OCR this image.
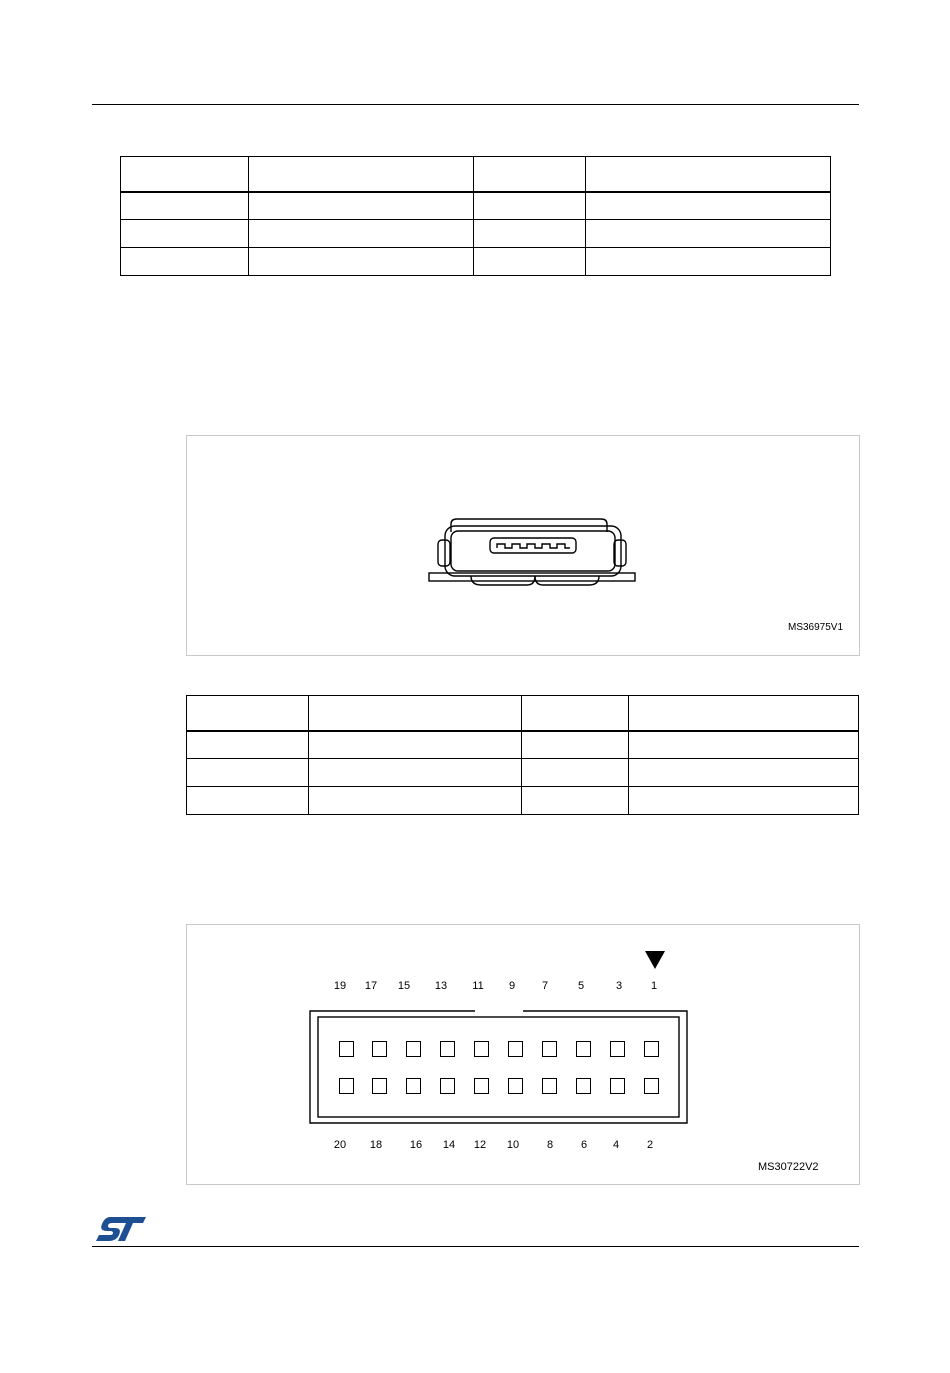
MS36975V1

19	17	15	13	11	9	7	5	3	1
20	18	16	14	12	10	8	6	4	2
MS30722V2
